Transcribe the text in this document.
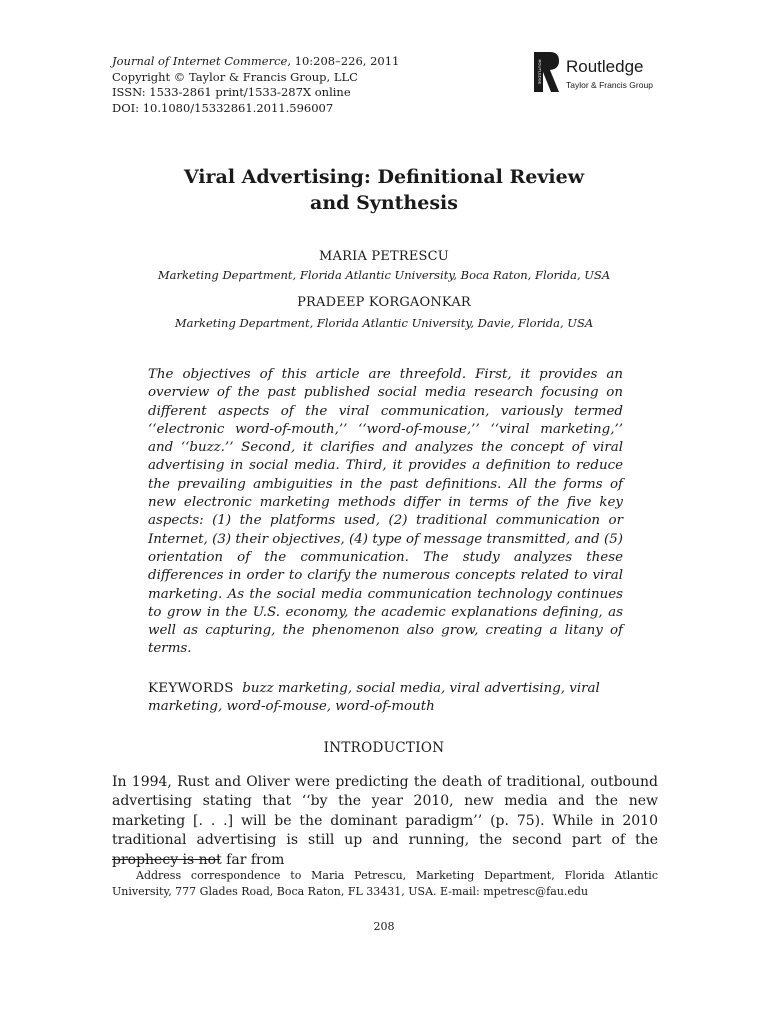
Journal of Internet Commerce, 10:208–226, 2011
Copyright © Taylor & Francis Group, LLC
ISSN: 1533-2861 print/1533-287X online
DOI: 10.1080/15332861.2011.596007
ROUTLEDGE Routledge
Taylor & Francis Group
Viral Advertising: Definitional Review
and Synthesis
MARIA PETRESCU
Marketing Department, Florida Atlantic University, Boca Raton, Florida, USA
PRADEEP KORGAONKAR
Marketing Department, Florida Atlantic University, Davie, Florida, USA

The objectives of this article are threefold. First, it provides an overview of the past published social media research focusing on different aspects of the viral communication, variously termed ‘‘electronic word-of-mouth,’’ ‘‘word-of-mouse,’’ ‘‘viral marketing,’’ and ‘‘buzz.’’ Second, it clarifies and analyzes the concept of viral advertising in social media. Third, it provides a definition to reduce the prevailing ambiguities in the past definitions. All the forms of new electronic marketing methods differ in terms of the five key aspects: (1) the platforms used, (2) traditional communication or Internet, (3) their objectives, (4) type of message transmitted, and (5) orientation of the communication. The study analyzes these differences in order to clarify the numerous concepts related to viral marketing. As the social media communication technology continues to grow in the U.S. economy, the academic explanations defining, as well as capturing, the phenomenon also grow, creating a litany of terms.

KEYWORDS buzz marketing, social media, viral advertising, viral marketing, word-of-mouse, word-of-mouth
INTRODUCTION

In 1994, Rust and Oliver were predicting the death of traditional, outbound advertising stating that ‘‘by the year 2010, new media and the new marketing [. . .] will be the dominant paradigm’’ (p. 75). While in 2010 traditional advertising is still up and running, the second part of the prophecy is not far from

Address correspondence to Maria Petrescu, Marketing Department, Florida Atlantic University, 777 Glades Road, Boca Raton, FL 33431, USA. E-mail: mpetresc@fau.edu
208
